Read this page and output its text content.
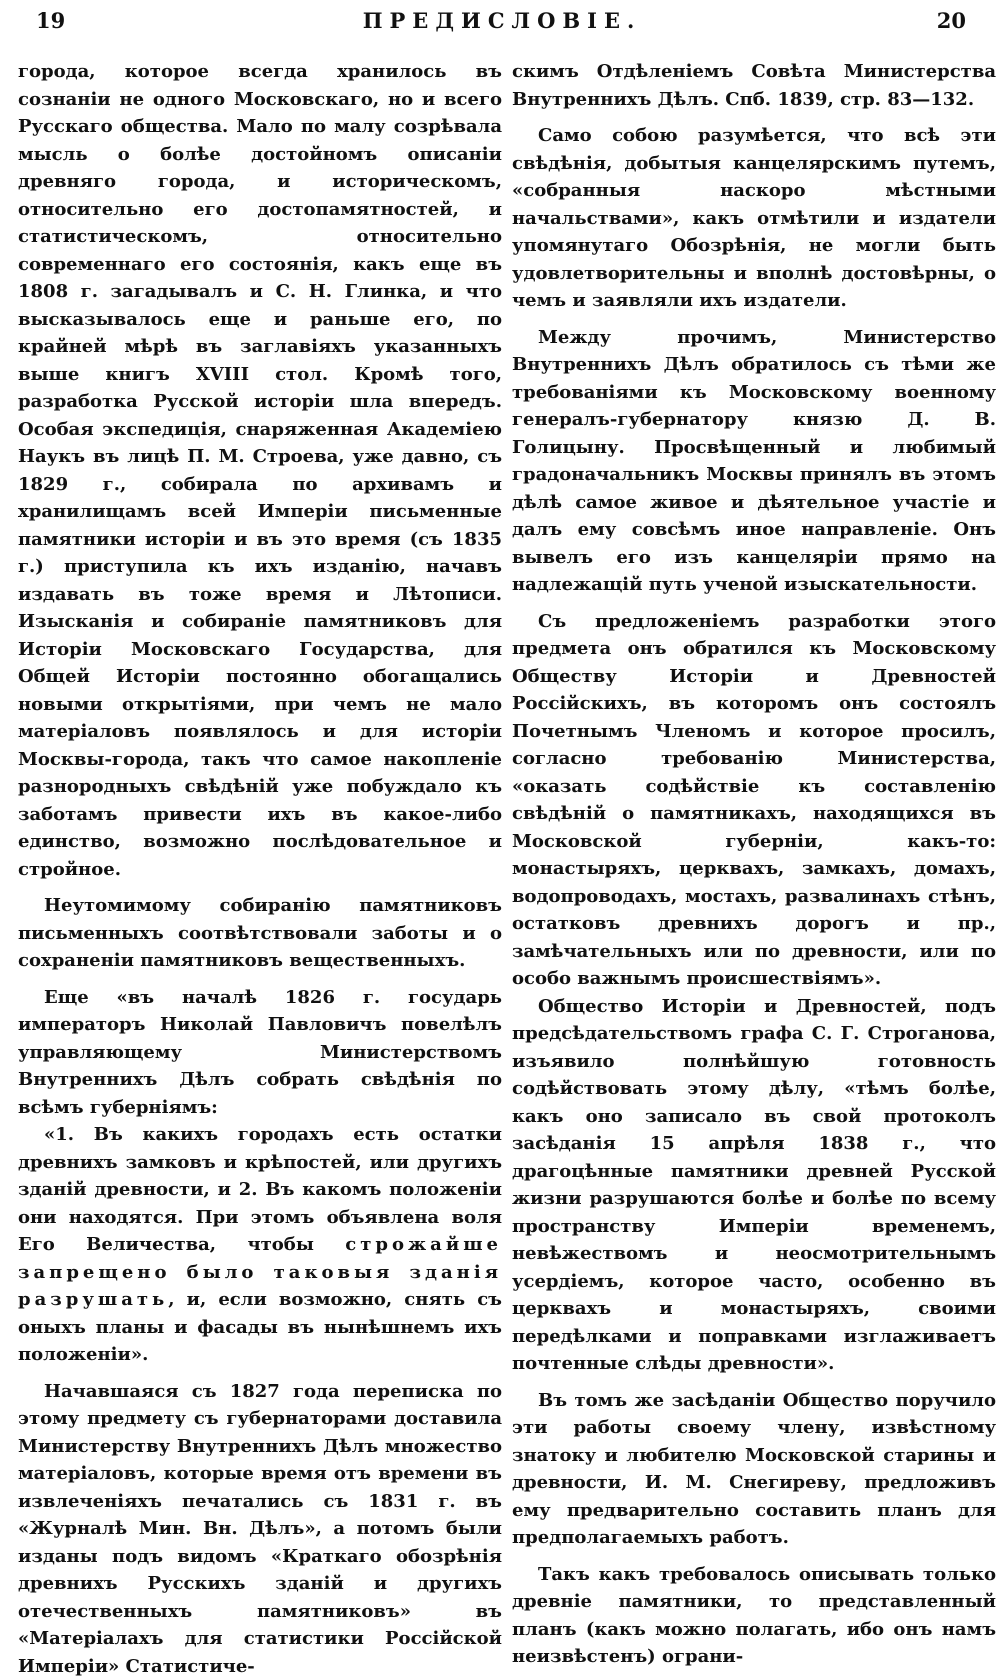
19	ПРЕДИСЛОВІЕ.	20

города, которое всегда хранилось въ сознаніи не одного Московскаго, но и всего Русскаго общества. Мало по малу созрѣвала мысль о болѣе достойномъ описаніи древняго города, и историческомъ, относительно его достопамятностей, и статистическомъ, относительно современнаго его состоянія, какъ еще въ 1808 г. загадывалъ и С. Н. Глинка, и что высказывалось еще и раньше его, по крайней мѣрѣ въ заглавіяхъ указанныхъ выше книгъ XVIII стол. Кромѣ того, разработка Русской исторіи шла впередъ. Особая экспедиція, снаряженная Академіею Наукъ въ лицѣ П. М. Строева, уже давно, съ 1829 г., собирала по архивамъ и хранилищамъ всей Имперіи письменные памятники исторіи и въ это время (съ 1835 г.) приступила къ ихъ изданію, начавъ издавать въ тоже время и Лѣтописи. Изысканія и собираніе памятниковъ для Исторіи Московскаго Государства, для Общей Исторіи постоянно обогащались новыми открытіями, при чемъ не мало матеріаловъ появлялось и для исторіи Москвы-города, такъ что самое накопленіе разнородныхъ свѣдѣній уже побуждало къ заботамъ привести ихъ въ какое-либо единство, возможно послѣдовательное и стройное.

Неутомимому собиранію памятниковъ письменныхъ соотвѣтствовали заботы и о сохраненіи памятниковъ вещественныхъ.

Еще «въ началѣ 1826 г. государь императоръ Николай Павловичъ повелѣлъ управляющему Министерствомъ Внутреннихъ Дѣлъ собрать свѣдѣнія по всѣмъ губерніямъ:

«1. Въ какихъ городахъ есть остатки древнихъ замковъ и крѣпостей, или другихъ зданій древности, и 2. Въ какомъ положеніи они находятся. При этомъ объявлена воля Его Величества, чтобы строжайше запрещено было таковыя зданія разрушать, и, если возможно, снять съ оныхъ планы и фасады въ нынѣшнемъ ихъ положеніи».

Начавшаяся съ 1827 года переписка по этому предмету съ губернаторами доставила Министерству Внутреннихъ Дѣлъ множество матеріаловъ, которые время отъ времени въ извлеченіяхъ печатались съ 1831 г. въ «Журналѣ Мин. Вн. Дѣлъ», а потомъ были изданы подъ видомъ «Краткаго обозрѣнія древнихъ Русскихъ зданій и другихъ отечественныхъ памятниковъ» въ «Матеріалахъ для статистики Россійской Имперіи» Статистиче-

скимъ Отдѣленіемъ Совѣта Министерства Внутреннихъ Дѣлъ. Спб. 1839, стр. 83—132.

Само собою разумѣется, что всѣ эти свѣдѣнія, добытыя канцелярскимъ путемъ, «собранныя наскоро мѣстными начальствами», какъ отмѣтили и издатели упомянутаго Обозрѣнія, не могли быть удовлетворительны и вполнѣ достовѣрны, о чемъ и заявляли ихъ издатели.

Между прочимъ, Министерство Внутреннихъ Дѣлъ обратилось съ тѣми же требованіями къ Московскому военному генералъ-губернатору князю Д. В. Голицыну. Просвѣщенный и любимый градоначальникъ Москвы принялъ въ этомъ дѣлѣ самое живое и дѣятельное участіе и далъ ему совсѣмъ иное направленіе. Онъ вывелъ его изъ канцеляріи прямо на надлежащій путь ученой изыскательности.

Съ предложеніемъ разработки этого предмета онъ обратился къ Московскому Обществу Исторіи и Древностей Россійскихъ, въ которомъ онъ состоялъ Почетнымъ Членомъ и которое просилъ, согласно требованію Министерства, «оказать содѣйствіе къ составленію свѣдѣній о памятникахъ, находящихся въ Московской губерніи, какъ-то: монастыряхъ, церквахъ, замкахъ, домахъ, водопроводахъ, мостахъ, развалинахъ стѣнъ, остатковъ древнихъ дорогъ и пр., замѣчательныхъ или по древности, или по особо важнымъ происшествіямъ».

Общество Исторіи и Древностей, подъ предсѣдательствомъ графа С. Г. Строганова, изъявило полнѣйшую готовность содѣйствовать этому дѣлу, «тѣмъ болѣе, какъ оно записало въ свой протоколъ засѣданія 15 апрѣля 1838 г., что драгоцѣнные памятники древней Русской жизни разрушаются болѣе и болѣе по всему пространству Имперіи временемъ, невѣжествомъ и неосмотрительнымъ усердіемъ, которое часто, особенно въ церквахъ и монастыряхъ, своими передѣлками и поправками изглаживаетъ почтенные слѣды древности».

Въ томъ же засѣданіи Общество поручило эти работы своему члену, извѣстному знатоку и любителю Московской старины и древности, И. М. Снегиреву, предложивъ ему предварительно составить планъ для предполагаемыхъ работъ.

Такъ какъ требовалось описывать только древніе памятники, то представленный планъ (какъ можно полагать, ибо онъ намъ неизвѣстенъ) ограни-
